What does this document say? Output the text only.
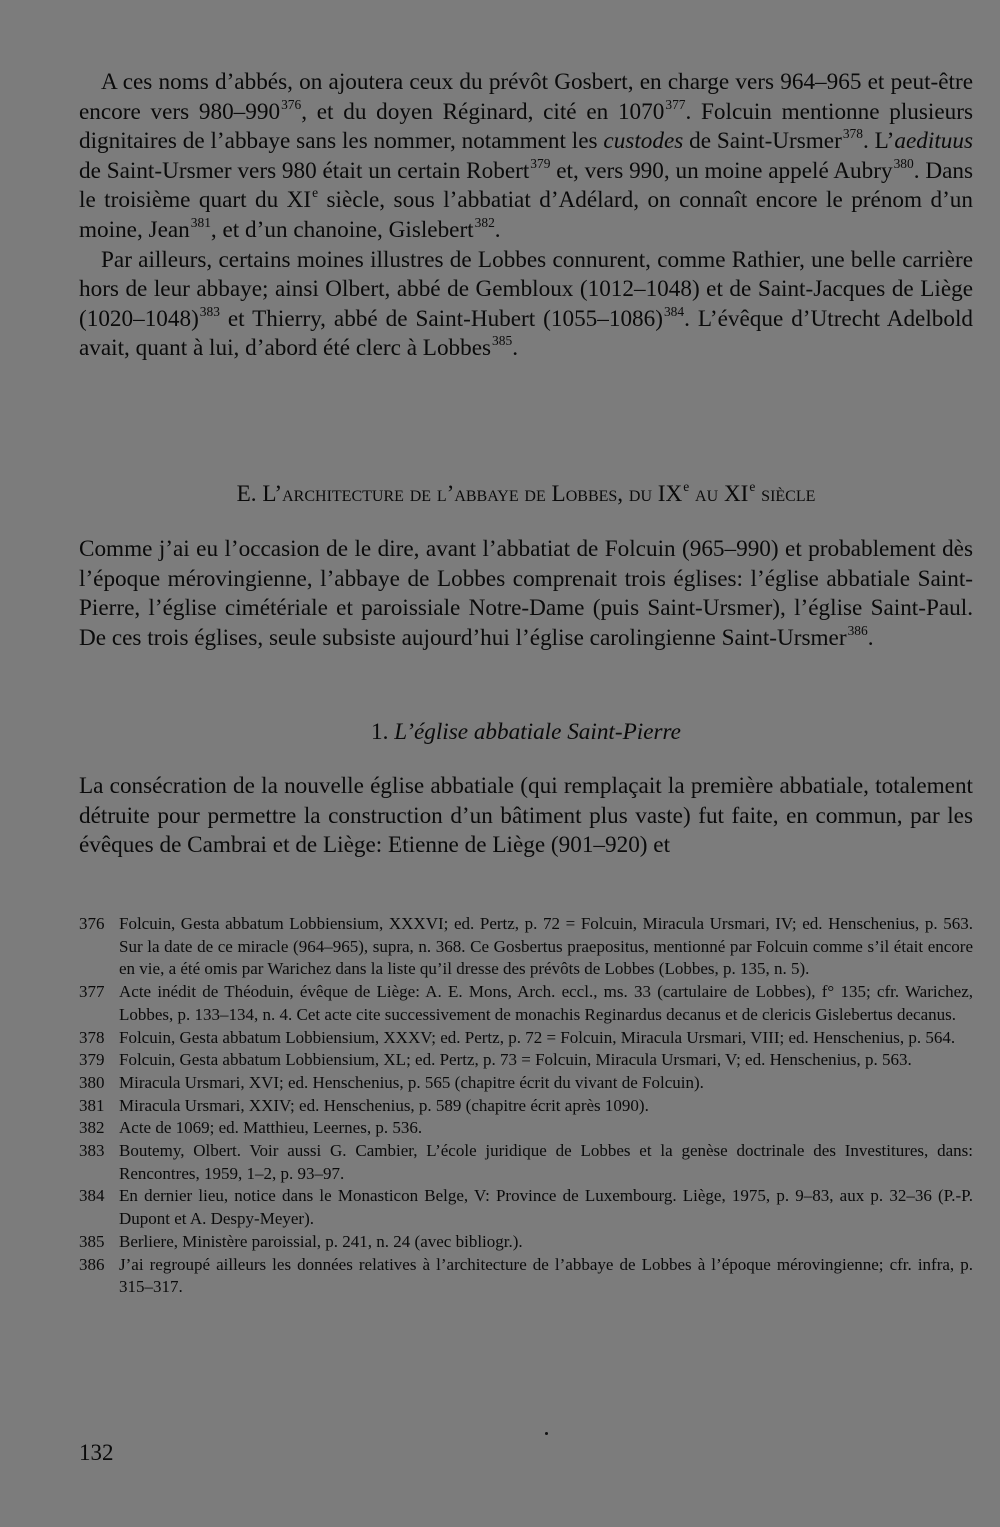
A ces noms d’abbés, on ajoutera ceux du prévôt Gosbert, en charge vers 964–965 et peut-être encore vers $980-990^{376}$, et du doyen Réginard, cité en 1070$^{377}$. Folcuin mentionne plusieurs dignitaires de l’abbaye sans les nommer, notamment les custodes de Saint-Ursmer$^{378}$. L’aedituus de Saint-Ursmer vers 980 était un certain Robert$^{379}$ et, vers 990, un moine appelé Aubry$^{380}$. Dans le troisième quart du XIe siècle, sous l’abbatiat d’Adélard, on connaît encore le prénom d’un moine, Jean$^{381}$, et d’un chanoine, Gislebert$^{382}$.

Par ailleurs, certains moines illustres de Lobbes connurent, comme Rathier, une belle carrière hors de leur abbaye; ainsi Olbert, abbé de Gembloux (1012–1048) et de Saint-Jacques de Liège (1020–1048)$^{383}$ et Thierry, abbé de Saint-Hubert (1055–1086)$^{384}$. L’évêque d’Utrecht Adelbold avait, quant à lui, d’abord été clerc à Lobbes$^{385}$.

E. L’architecture de l’abbaye de Lobbes, du IXe au XIe siècle

Comme j’ai eu l’occasion de le dire, avant l’abbatiat de Folcuin (965–990) et probablement dès l’époque mérovingienne, l’abbaye de Lobbes comprenait trois églises: l’église abbatiale Saint-Pierre, l’église cimétériale et paroissiale Notre-Dame (puis Saint-Ursmer), l’église Saint-Paul. De ces trois églises, seule subsiste aujourd’hui l’église carolingienne Saint-Ursmer$^{386}$.

1. L’église abbatiale Saint-Pierre

La consécration de la nouvelle église abbatiale (qui remplaçait la première abbatiale, totalement détruite pour permettre la construction d’un bâtiment plus vaste) fut faite, en commun, par les évêques de Cambrai et de Liège: Etienne de Liège (901–920) et

376 Folcuin, Gesta abbatum Lobbiensium, XXXVI; ed. Pertz, p. 72 = Folcuin, Miracula Ursmari, IV; ed. Henschenius, p. 563. Sur la date de ce miracle (964–965), supra, n. 368. Ce Gosbertus praepositus, mentionné par Folcuin comme s’il était encore en vie, a été omis par Warichez dans la liste qu’il dresse des prévôts de Lobbes (Lobbes, p. 135, n. 5).
377 Acte inédit de Théoduin, évêque de Liège: A. E. Mons, Arch. eccl., ms. 33 (cartulaire de Lobbes), f° 135; cfr. Warichez, Lobbes, p. 133–134, n. 4. Cet acte cite successivement de monachis Reginardus decanus et de clericis Gislebertus decanus.
378 Folcuin, Gesta abbatum Lobbiensium, XXXV; ed. Pertz, p. 72 = Folcuin, Miracula Ursmari, VIII; ed. Henschenius, p. 564.
379 Folcuin, Gesta abbatum Lobbiensium, XL; ed. Pertz, p. 73 = Folcuin, Miracula Ursmari, V; ed. Henschenius, p. 563.
380 Miracula Ursmari, XVI; ed. Henschenius, p. 565 (chapitre écrit du vivant de Folcuin).
381 Miracula Ursmari, XXIV; ed. Henschenius, p. 589 (chapitre écrit après 1090).
382 Acte de 1069; ed. Matthieu, Leernes, p. 536.
383 Boutemy, Olbert. Voir aussi G. Cambier, L’école juridique de Lobbes et la genèse doctrinale des Investitures, dans: Rencontres, 1959, 1–2, p. 93–97.
384 En dernier lieu, notice dans le Monasticon Belge, V: Province de Luxembourg. Liège, 1975, p. 9–83, aux p. 32–36 (P.-P. Dupont et A. Despy-Meyer).
385 Berliere, Ministère paroissial, p. 241, n. 24 (avec bibliogr.).
386 J’ai regroupé ailleurs les données relatives à l’architecture de l’abbaye de Lobbes à l’époque mérovingienne; cfr. infra, p. 315–317.
132
